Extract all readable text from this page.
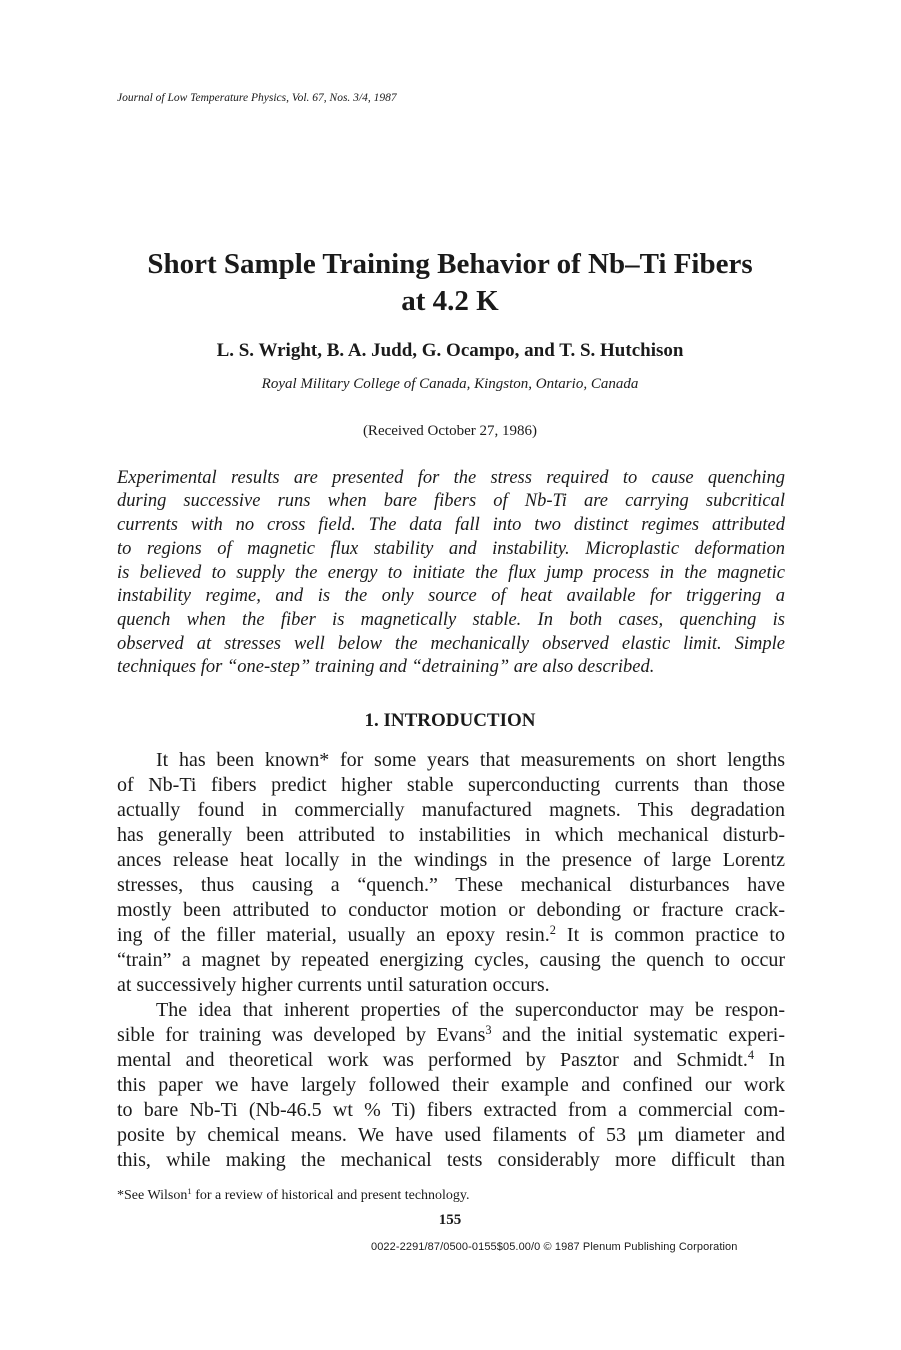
Journal of Low Temperature Physics, Vol. 67, Nos. 3/4, 1987
Short Sample Training Behavior of Nb–Ti Fibers
at 4.2 K
L. S. Wright, B. A. Judd, G. Ocampo, and T. S. Hutchison
Royal Military College of Canada, Kingston, Ontario, Canada
(Received October 27, 1986)
Experimental results are presented for the stress required to cause quenching
during successive runs when bare fibers of Nb-Ti are carrying subcritical
currents with no cross field. The data fall into two distinct regimes attributed
to regions of magnetic flux stability and instability. Microplastic deformation
is believed to supply the energy to initiate the flux jump process in the magnetic
instability regime, and is the only source of heat available for triggering a
quench when the fiber is magnetically stable. In both cases, quenching is
observed at stresses well below the mechanically observed elastic limit. Simple
techniques for “one-step” training and “detraining” are also described.
1. INTRODUCTION
It has been known* for some years that measurements on short lengths
of Nb-Ti fibers predict higher stable superconducting currents than those
actually found in commercially manufactured magnets. This degradation
has generally been attributed to instabilities in which mechanical disturb-
ances release heat locally in the windings in the presence of large Lorentz
stresses, thus causing a “quench.” These mechanical disturbances have
mostly been attributed to conductor motion or debonding or fracture crack-
ing of the filler material, usually an epoxy resin.$^2$ It is common practice to
“train” a magnet by repeated energizing cycles, causing the quench to occur
at successively higher currents until saturation occurs.
The idea that inherent properties of the superconductor may be respon-
sible for training was developed by Evans$^3$ and the initial systematic experi-
mental and theoretical work was performed by Pasztor and Schmidt.$^4$ In
this paper we have largely followed their example and confined our work
to bare Nb-Ti (Nb-46.5 wt % Ti) fibers extracted from a commercial com-
posite by chemical means. We have used filaments of 53 μm diameter and
this, while making the mechanical tests considerably more difficult than
*See Wilson$^1$ for a review of historical and present technology.
155
0022-2291/87/0500-0155$05.00/0 © 1987 Plenum Publishing Corporation
